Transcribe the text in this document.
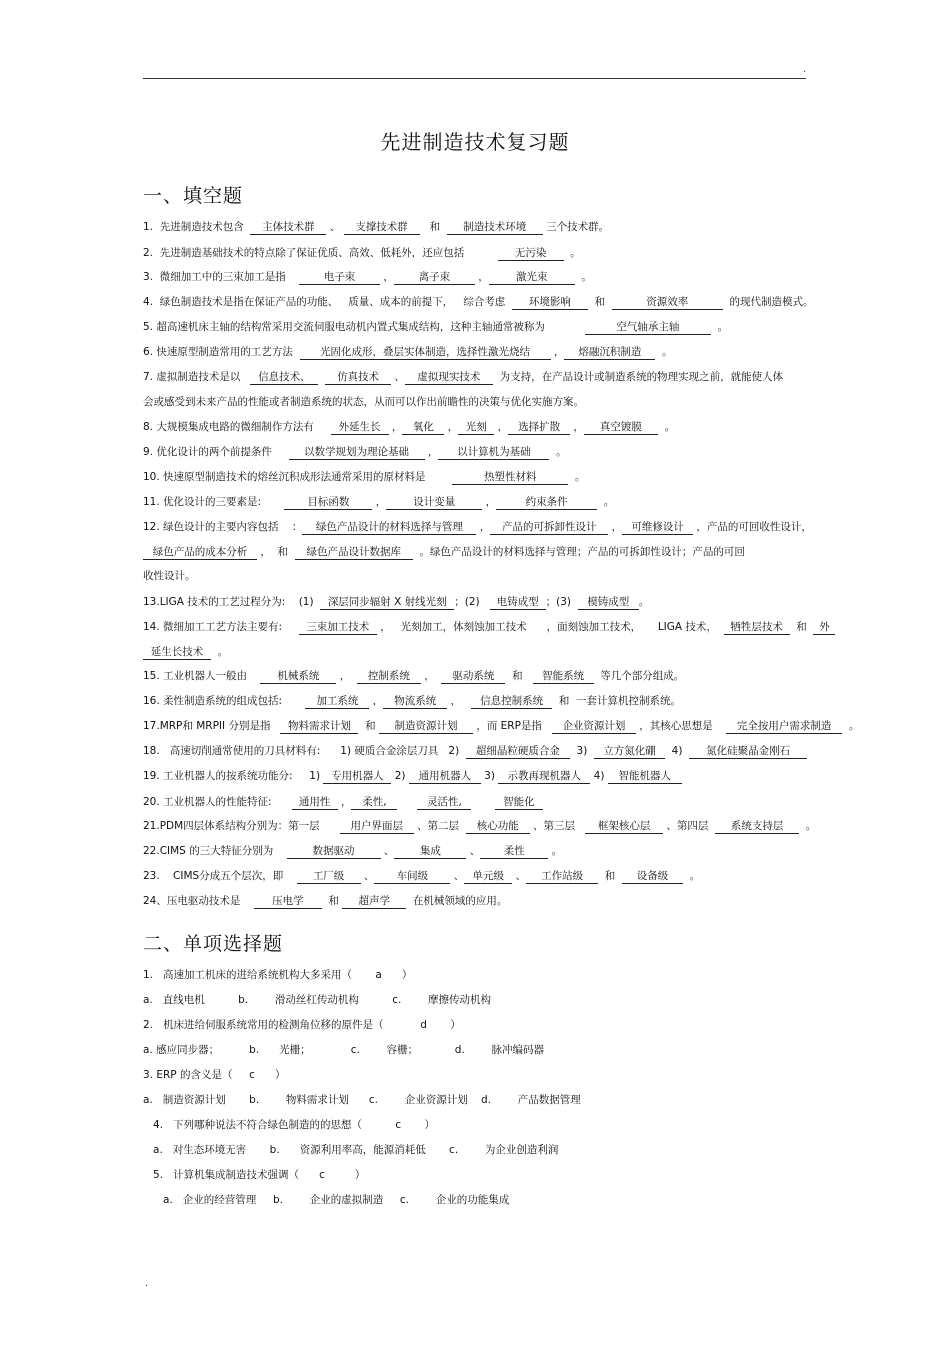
.
先进制造技术复习题
一、填空题
1.  先进制造技术包含  主体技术群 、 支撑技术群   和  制造技术环境 三个技术群。
2.  先进制造基础技术的特点除了保证优质、高效、低耗外，还应包括          无污染  。
3.  微细加工中的三束加工是指    电子束 ， 离子束 ，	激光束	。
4.  绿色制造技术是指在保证产品的功能、   质量、成本的前提下，   综合考虑  环境影响  和	资源效率	的现代制造模式。
5. 超高速机床主轴的结构常采用交流伺服电动机内置式集成结构，这种主轴通常被称为	空气轴承主轴	。
6. 快速原型制造常用的工艺方法  光固化成形，叠层实体制造，选择性激光烧结 ， 熔融沉积制造  。
7. 虚拟制造技术是以   信息技术、	仿真技术 、 虚拟现实技术  为支持，在产品设计或制造系统的物理实现之前，就能使人体
会或感受到未来产品的性能或者制造系统的状态，从而可以作出前瞻性的决策与优化实施方案。
8. 大规模集成电路的微细制作方法有     外延生长 ， 氧化 ， 光刻 ， 选择扩散 ， 真空镀膜  。
9. 优化设计的两个前提条件     以数学规划为理论基础 ， 以计算机为基础  。
10. 快速原型制造技术的熔丝沉积成形法通常采用的原材料是	热塑性材料	。
11. 优化设计的三要素是:       目标函数 ，	设计变量	，	约束条件	。
12. 绿色设计的主要内容包括    ： 绿色产品设计的材料选择与管理 ， 产品的可拆卸性设计 ， 可维修设计 ，产品的可回收性设计，
绿色产品的成本分析 ，  和  绿色产品设计数据库  。绿色产品设计的材料选择与管理；产品的可拆卸性设计；产品的可回
收性设计。
13.LIGA 技术的工艺过程分为:    (1)  深层同步辐射 X 射线光刻 ；(2)   电铸成型 ；(3)  模铸成型 。
14. 微细加工工艺方法主要有:     三束加工技术 ，   光刻加工，体刻蚀加工技术      ，面刻蚀加工技术，     LIGA 技术，  牺牲层技术  和  外
延生长技术  。
15. 工业机器人一般由    机械系统 ，  控制系统 ，  驱动系统  和   智能系统  等几个部分组成。
16. 柔性制造系统的组成包括:       加工系统 ， 物流系统 ，   信息控制系统  和  一套计算机控制系统。
17.MRP和 MRPII 分别是指   物料需求计划  和 制造资源计划 ，而 ERP是指   企业资源计划 ，其核心思想是    完全按用户需求制造  。
18.   高速切削通常使用的刀具材料有:      1) 硬质合金涂层刀具   2)  超细晶粒硬质合金  3)  立方氮化硼  4)  氮化硅聚晶金刚石
19. 工业机器人的按系统功能分:     1) 专用机器人 2) 通用机器人 3) 示教再现机器人 4) 智能机器人
20. 工业机器人的性能特征:      通用性 ， 柔性,	灵活性,	智能化
21.PDM四层体系结构分别为：第一层      用户界面层 、第二层  核心功能 、第三层   框架核心层 、第四层  系统支持层  。
22.CIMS 的三大特征分别为    数据驱动 、 集成 、 柔性 。
23.    CIMS分成五个层次，即    工厂级 、 车间级 、 单元级 、 工作站级  和  设备级  。
24、压电驱动技术是    压电学  和 超声学  在机械领域的应用。
二、单项选择题
1.   高速加工机床的进给系统机构大多采用（       a      ）
a.   直线电机          b.        滑动丝杠传动机构          c.        摩擦传动机构
2.   机床进给伺服系统常用的检测角位移的原件是（           d       ）
a. 感应同步器；         b.      光栅；            c.        容栅；           d.        脉冲编码器
3. ERP 的含义是（     c      ）
a.   制造资源计划       b.        物料需求计划      c.        企业资源计划    d.        产品数据管理
4.   下列哪种说法不符合绿色制造的的思想（          c       ）
a.   对生态环境无害       b.      资源利用率高，能源消耗低       c.        为企业创造利润
5.   计算机集成制造技术强调（      c         ）
a.   企业的经营管理     b.        企业的虚拟制造     c.        企业的功能集成
.
